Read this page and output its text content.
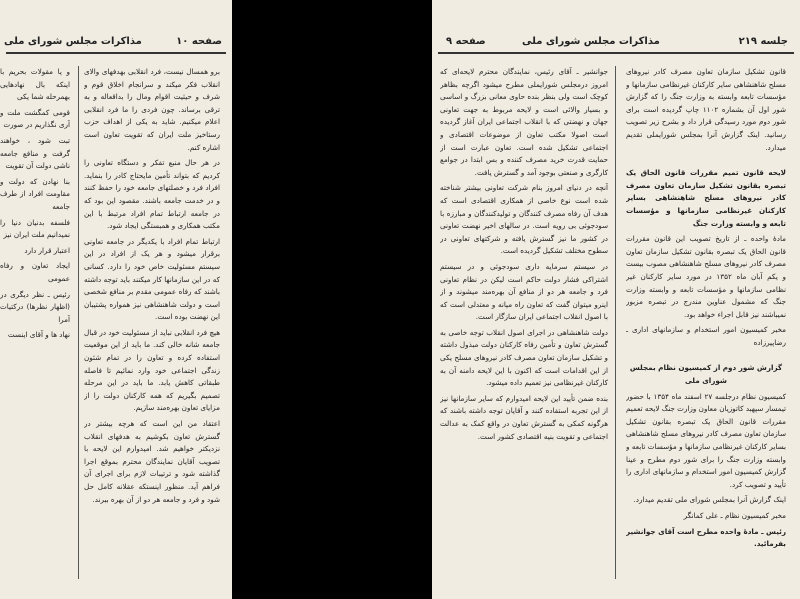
صفحه ۱۰
مذاکرات مجلس شورای ملی

برو همسال نیست، فرد انقلابی بهدفهای والای انقلاب فکر میکند و سرانجام اخلاق قوم و شرف و حیثیت اقوام ومال را بداقعاله و به ترقی برساند. چون فردی را ما فرد انقلابی اعلام میکنیم. شاید به یکی از اهداف حزب رستاخیز ملت ایران که تقویت تعاون است اشاره کنم.

در هر حال منبع تفکر و دستگاه تعاونی را کردیم که بتواند تأمین مایحتاج کادر را بنماید. افراد فرد و خصلتهای جامعه خود را حفظ کنند و در خدمت جامعه باشند. مقصود این بود که در جامعه ارتباط تمام افراد مرتبط با این مکتب همکاری و همبستگی ایجاد شود.

ارتباط تمام افراد با یکدیگر در جامعه تعاونی برقرار میشود و هر یک از افراد در این سیستم مسئولیت خاص خود را دارد. کسانی که در این سازمانها کار میکنند باید توجه داشته باشند که رفاه عمومی مقدم بر منافع شخصی است و دولت شاهنشاهی نیز همواره پشتیبان این نهضت بوده است.

هیچ فرد انقلابی نباید از مسئولیت خود در قبال جامعه شانه خالی کند. ما باید از این موقعیت استفاده کرده و تعاون را در تمام شئون زندگی اجتماعی خود وارد نمائیم تا فاصله طبقاتی کاهش یابد. ما بايد در این مرحله تصمیم بگیریم که همه کارکنان دولت را از مزایای تعاون بهره‌مند سازیم.

اعتقاد من این است که هرچه بیشتر در گسترش تعاون بکوشیم به هدفهای انقلاب نزدیکتر خواهیم شد. امیدوارم این لایحه با تصویب آقایان نمایندگان محترم بموقع اجرا گذاشته شود و ترتیبات لازم برای اجرای آن فراهم آید. منظور اینستکه عقلانه کامل حل شود و فرد و جامعه هر دو از آن بهره ببرند.

و یا مقولات بحریم با اینکه بال نهادهایی بهمرحله شما یکی

قومی کمگشت ملت و آری نگذاریم در صورت

تبت شود ، خواهند گرفت و منافع جامعه ناشی دولت آن تقویت

بنا نهادن که دولت و مقاومت افراد از طرف جامعه

فلسفه بدنیان دنیا را نمیدانیم ملت ایران نیز

اعتبار قرار دارد

ایجاد تعاون و رفاه عمومی

رئیس ـ نظر دیگری در (اظهار نظرها) درکتیات آمرا

نهاد ها و آقای اینست

جلسه ۲۱۹
مذاکرات مجلس شورای ملی
صفحه ۹

قانون تشکیل سازمان تعاون مصرف کادر نیروهای مسلح شاهنشاهی سایر کارکنان غیرنظامی سازمانها و مؤسسات تابعه وابسته به وزارت جنگ را که گزارش شور اول آن بشماره ۱۱۰۲ چاپ گردیده است برای شور دوم مورد رسیدگی قرار داد و بشرح زیر تصویب رسانید. اینک گزارش آنرا بمجلس شورایملی تقدیم میدارد.

لایحه قانون تمیم مقررات قانون الحاق یک تبصره بقانون تشکیل سازمان تعاون مصرف کادر نیروهای مسلح شاهنشاهی بسایر کارکنان غیرنظامی سازمانها و مؤسسات تابعه و وابسته وزارت جنگ

مادهٔ واحده ـ از تاریخ تصویب این قانون مقررات قانون الحاق یک تبصره بقانون تشکیل سازمان تعاون مصرف کادر نیروهای مسلح شاهنشاهی مصوب بیست و یکم آبان ماه ۱۳۵۲ در مورد سایر کارکنان غیر نظامی سازمانها و مؤسسات تابعه و وابسته وزارت جنگ که مشمول عناوین مندرج در تبصره مزبور نمیباشند نیز قابل اجراء خواهد بود.

مخبر کمیسیون امور استخدام و سازمانهای اداری ـ رضاپیرزاده

گزارش شور دوم از کمیسیون نظام بمجلس شورای ملی

کمیسیون نظام درجلسه ۲۷ اسفند ماه ۱۳۵۴ با حضور تیمسار سپهبد کاتوزیان معاون وزارت جنگ لایحه تعمیم مقررات قانون الحاق یک تبصره بقانون تشکیل سازمان تعاون مصرف کادر نیروهای مسلح شاهنشاهی بسایر کارکنان غیرنظامی سازمانها و مؤسسات تابعه و وابسته وزارت جنگ را برای شور دوم مطرح و عینا گزارش کمیسیون امور استخدام و سازمانهای اداری را تأیید و تصویب کرد.

اینک گزارش آنرا بمجلس شورای ملی تقدیم میدارد.

مخبر کمیسیون نظام ـ علی کمانگر

رئیس ـ مادهٔ واحده مطرح است آقای جوانشیر بفرمائید.

جوانشیر ـ آقای رئیس، نمایندگان محترم لایحه‌ای که امروز درمجلس شورایملی مطرح میشود اگرچه بظاهر کوچک است ولی بنظر بنده حاوی معانی بزرگ و اساسی و بسیار والائی است و لایحه مربوط به جهت تعاونی جهان و نهضتی که با انقلاب اجتماعی ایران آغاز گردیده است اصولا مکتب تعاون از موضوعات اقتصادی و اجتماعی تشکیل شده است. تعاون عبارت است از حمایت قدرت خرید مصرف کننده و بس ابتدا در جوامع کارگری و صنعتی بوجود آمد و گسترش یافت.

آنچه در دنیای امروز بنام شرکت تعاونی بیشتر شناخته شده است نوع خاصی از همکاری اقتصادی است که هدف آن رفاه مصرف کنندگان و تولیدکنندگان و مبارزه با سودجوئی بی رویه است. در سالهای اخیر نهضت تعاونی در کشور ما نیز گسترش یافته و شرکتهای تعاونی در سطوح مختلف تشکیل گردیده است.

در سیستم سرمایه داری سودجوئی و در سیستم اشتراکی فشار دولت حاکم است لیکن در نظام تعاونی فرد و جامعه هر دو از منافع آن بهره‌مند میشوند و از اینرو میتوان گفت که تعاون راه میانه و معتدلی است که با اصول انقلاب اجتماعی ایران سازگار است.

دولت شاهنشاهی در اجرای اصول انقلاب توجه خاصی به گسترش تعاون و تأمین رفاه کارکنان دولت مبذول داشته و تشکیل سازمان تعاون مصرف کادر نیروهای مسلح یکی از این اقدامات است که اکنون با این لایحه دامنه آن به کارکنان غیرنظامی نیز تعمیم داده میشود.

بنده ضمن تأیید این لایحه امیدوارم که سایر سازمانها نیز از این تجربه استفاده کنند و آقایان توجه داشته باشند که هرگونه کمکی به گسترش تعاون در واقع کمک به عدالت اجتماعی و تقویت بنیه اقتصادی کشور است.
